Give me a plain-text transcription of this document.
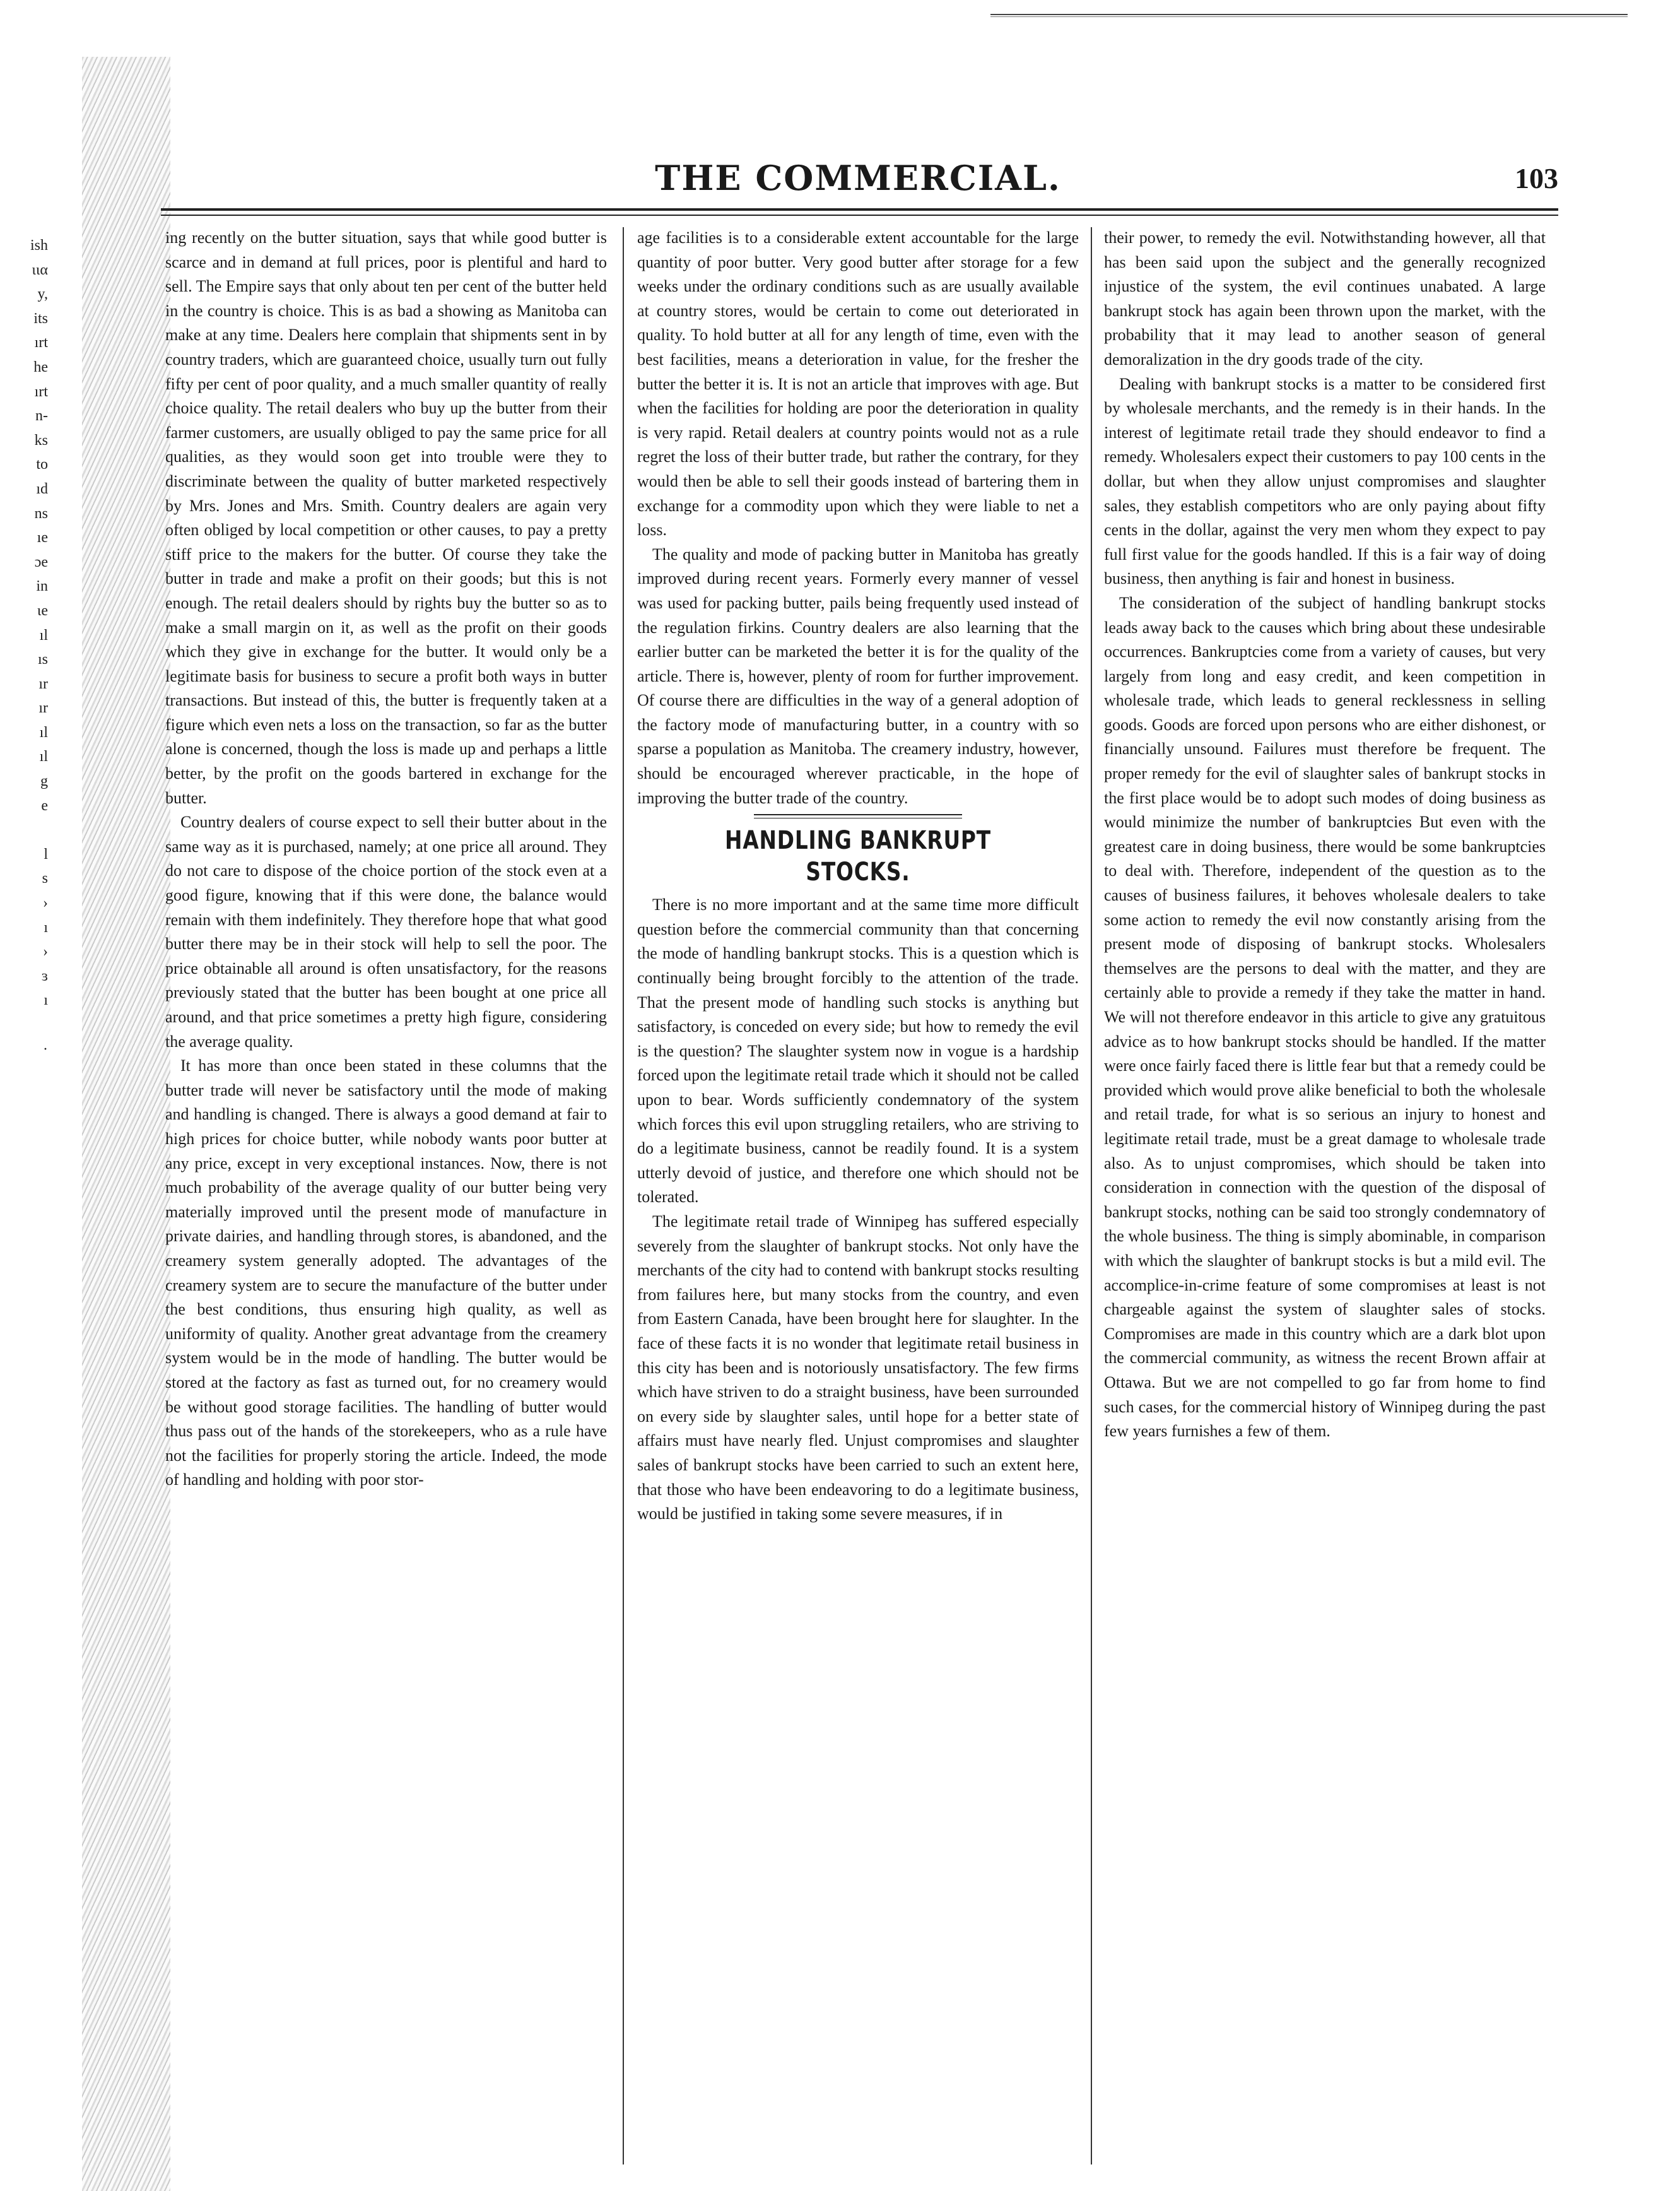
ish
ιια
y,
its
ırt
he
ırt
n-
ks
to
ıd
ns
ıe
ɔe
in
ιe
ıl
ıs
ır
ır
ıl
ıl
g
e
l
s
›
ı
›
ɜ
ı
·
THE COMMERCIAL.	103

ing recently on the butter situation, says that while good butter is scarce and in demand at full prices, poor is plentiful and hard to sell. The Empire says that only about ten per cent of the butter held in the country is choice. This is as bad a showing as Manitoba can make at any time. Dealers here complain that shipments sent in by country traders, which are guaranteed choice, usually turn out fully fifty per cent of poor quality, and a much smaller quantity of really choice quality. The retail dealers who buy up the butter from their farmer customers, are usually obliged to pay the same price for all qualities, as they would soon get into trouble were they to discriminate between the quality of butter marketed respectively by Mrs. Jones and Mrs. Smith. Country dealers are again very often obliged by local competition or other causes, to pay a pretty stiff price to the makers for the butter. Of course they take the butter in trade and make a profit on their goods; but this is not enough. The retail dealers should by rights buy the butter so as to make a small margin on it, as well as the profit on their goods which they give in exchange for the butter. It would only be a legitimate basis for business to secure a profit both ways in butter transactions. But instead of this, the butter is frequently taken at a figure which even nets a loss on the transaction, so far as the butter alone is concerned, though the loss is made up and perhaps a little better, by the profit on the goods bartered in exchange for the butter.

Country dealers of course expect to sell their butter about in the same way as it is purchased, namely; at one price all around. They do not care to dispose of the choice portion of the stock even at a good figure, knowing that if this were done, the balance would remain with them indefinitely. They therefore hope that what good butter there may be in their stock will help to sell the poor. The price obtainable all around is often unsatisfactory, for the reasons previously stated that the butter has been bought at one price all around, and that price sometimes a pretty high figure, considering the average quality.

It has more than once been stated in these columns that the butter trade will never be satisfactory until the mode of making and handling is changed. There is always a good demand at fair to high prices for choice butter, while nobody wants poor butter at any price, except in very exceptional instances. Now, there is not much probability of the average quality of our butter being very materially improved until the present mode of manufacture in private dairies, and handling through stores, is abandoned, and the creamery system generally adopted. The advantages of the creamery system are to secure the manufacture of the butter under the best conditions, thus ensuring high quality, as well as uniformity of quality. Another great advantage from the creamery system would be in the mode of handling. The butter would be stored at the factory as fast as turned out, for no creamery would be without good storage facilities. The handling of butter would thus pass out of the hands of the storekeepers, who as a rule have not the facilities for properly storing the article. Indeed, the mode of handling and holding with poor stor-

age facilities is to a considerable extent accountable for the large quantity of poor butter. Very good butter after storage for a few weeks under the ordinary conditions such as are usually available at country stores, would be certain to come out deteriorated in quality. To hold butter at all for any length of time, even with the best facilities, means a deterioration in value, for the fresher the butter the better it is. It is not an article that improves with age. But when the facilities for holding are poor the deterioration in quality is very rapid. Retail dealers at country points would not as a rule regret the loss of their butter trade, but rather the contrary, for they would then be able to sell their goods instead of bartering them in exchange for a commodity upon which they were liable to net a loss.

The quality and mode of packing butter in Manitoba has greatly improved during recent years. Formerly every manner of vessel was used for packing butter, pails being frequently used instead of the regulation firkins. Country dealers are also learning that the earlier butter can be marketed the better it is for the quality of the article. There is, however, plenty of room for further improvement. Of course there are difficulties in the way of a general adoption of the factory mode of manufacturing butter, in a country with so sparse a population as Manitoba. The creamery industry, however, should be encouraged wherever practicable, in the hope of improving the butter trade of the country.

HANDLING BANKRUPT STOCKS.

There is no more important and at the same time more difficult question before the commercial community than that concerning the mode of handling bankrupt stocks. This is a question which is continually being brought forcibly to the attention of the trade. That the present mode of handling such stocks is anything but satisfactory, is conceded on every side; but how to remedy the evil is the question? The slaughter system now in vogue is a hardship forced upon the legitimate retail trade which it should not be called upon to bear. Words sufficiently condemnatory of the system which forces this evil upon struggling retailers, who are striving to do a legitimate business, cannot be readily found. It is a system utterly devoid of justice, and therefore one which should not be tolerated.

The legitimate retail trade of Winnipeg has suffered especially severely from the slaughter of bankrupt stocks. Not only have the merchants of the city had to contend with bankrupt stocks resulting from failures here, but many stocks from the country, and even from Eastern Canada, have been brought here for slaughter. In the face of these facts it is no wonder that legitimate retail business in this city has been and is notoriously unsatisfactory. The few firms which have striven to do a straight business, have been surrounded on every side by slaughter sales, until hope for a better state of affairs must have nearly fled. Unjust compromises and slaughter sales of bankrupt stocks have been carried to such an extent here, that those who have been endeavoring to do a legitimate business, would be justified in taking some severe measures, if in

their power, to remedy the evil. Notwithstanding however, all that has been said upon the subject and the generally recognized injustice of the system, the evil continues unabated. A large bankrupt stock has again been thrown upon the market, with the probability that it may lead to another season of general demoralization in the dry goods trade of the city.

Dealing with bankrupt stocks is a matter to be considered first by wholesale merchants, and the remedy is in their hands. In the interest of legitimate retail trade they should endeavor to find a remedy. Wholesalers expect their customers to pay 100 cents in the dollar, but when they allow unjust compromises and slaughter sales, they establish competitors who are only paying about fifty cents in the dollar, against the very men whom they expect to pay full first value for the goods handled. If this is a fair way of doing business, then anything is fair and honest in business.

The consideration of the subject of handling bankrupt stocks leads away back to the causes which bring about these undesirable occurrences. Bankruptcies come from a variety of causes, but very largely from long and easy credit, and keen competition in wholesale trade, which leads to general recklessness in selling goods. Goods are forced upon persons who are either dishonest, or financially unsound. Failures must therefore be frequent. The proper remedy for the evil of slaughter sales of bankrupt stocks in the first place would be to adopt such modes of doing business as would minimize the number of bankruptcies But even with the greatest care in doing business, there would be some bankruptcies to deal with. Therefore, independent of the question as to the causes of business failures, it behoves wholesale dealers to take some action to remedy the evil now constantly arising from the present mode of disposing of bankrupt stocks. Wholesalers themselves are the persons to deal with the matter, and they are certainly able to provide a remedy if they take the matter in hand. We will not therefore endeavor in this article to give any gratuitous advice as to how bankrupt stocks should be handled. If the matter were once fairly faced there is little fear but that a remedy could be provided which would prove alike beneficial to both the wholesale and retail trade, for what is so serious an injury to honest and legitimate retail trade, must be a great damage to wholesale trade also. As to unjust compromises, which should be taken into consideration in connection with the question of the disposal of bankrupt stocks, nothing can be said too strongly condemnatory of the whole business. The thing is simply abominable, in comparison with which the slaughter of bankrupt stocks is but a mild evil. The accomplice-in-crime feature of some compromises at least is not chargeable against the system of slaughter sales of stocks. Compromises are made in this country which are a dark blot upon the commercial community, as witness the recent Brown affair at Ottawa. But we are not compelled to go far from home to find such cases, for the commercial history of Winnipeg during the past few years furnishes a few of them.
